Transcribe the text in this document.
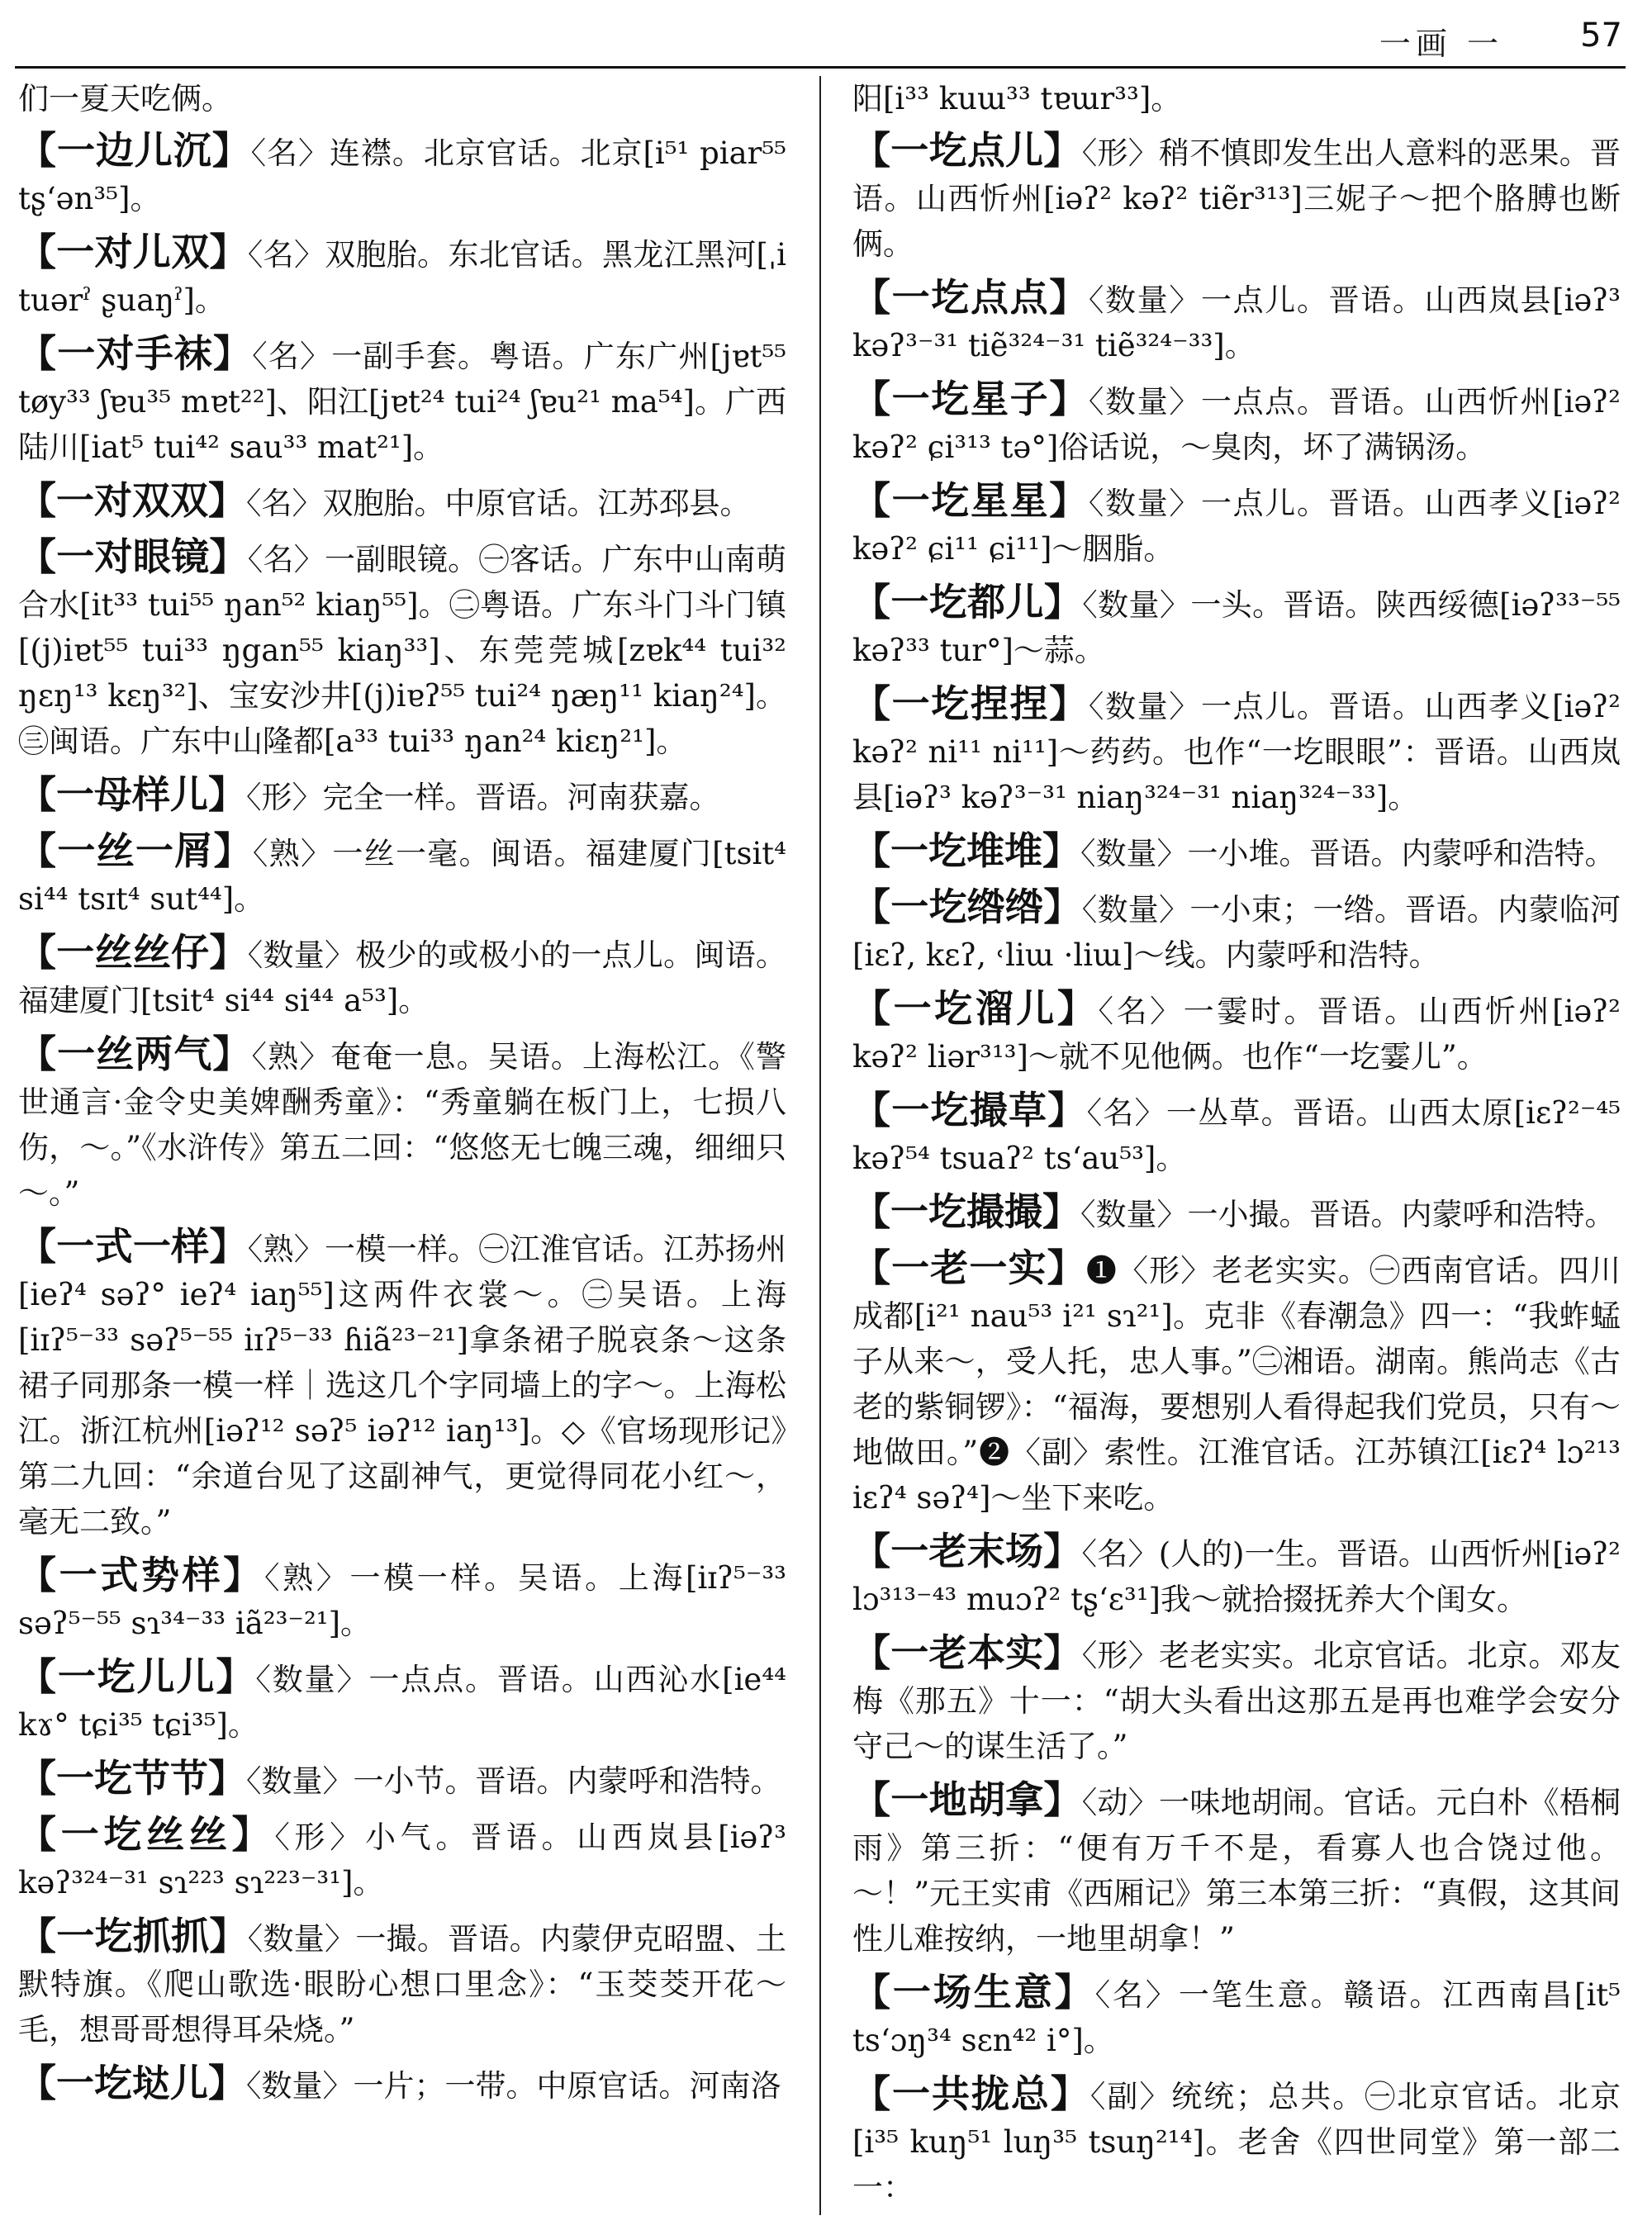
一画 一 57

们一夏天吃俩。

【一边儿沉】〈名〉连襟。北京官话。北京[i⁵¹ piar⁵⁵ tʂ‘ən³⁵]。

【一对儿双】〈名〉双胞胎。东北官话。黑龙江黑河[ˌi tuərˀ ʂuaŋˀ]。

【一对手袜】〈名〉一副手套。粤语。广东广州[jɐt⁵⁵ tøy³³ ʃɐu³⁵ mɐt²²]、阳江[jɐt²⁴ tui²⁴ ʃɐu²¹ ma⁵⁴]。广西陆川[iat⁵ tui⁴² sau³³ mat²¹]。

【一对双双】〈名〉双胞胎。中原官话。江苏邳县。

【一对眼镜】〈名〉一副眼镜。㊀客话。广东中山南萌合水[it³³ tui⁵⁵ ŋan⁵² kiaŋ⁵⁵]。㊁粤语。广东斗门斗门镇[(j)iɐt⁵⁵ tui³³ ŋgan⁵⁵ kiaŋ³³]、东莞莞城[zɐk⁴⁴ tui³² ŋɛŋ¹³ kɛŋ³²]、宝安沙井[(j)iɐʔ⁵⁵ tui²⁴ ŋæŋ¹¹ kiaŋ²⁴]。㊂闽语。广东中山隆都[a³³ tui³³ ŋan²⁴ kiɛŋ²¹]。

【一母样儿】〈形〉完全一样。晋语。河南获嘉。

【一丝一屑】〈熟〉一丝一毫。闽语。福建厦门[tsit⁴ si⁴⁴ tsɪt⁴ sut⁴⁴]。

【一丝丝仔】〈数量〉极少的或极小的一点儿。闽语。福建厦门[tsit⁴ si⁴⁴ si⁴⁴ a⁵³]。

【一丝两气】〈熟〉奄奄一息。吴语。上海松江。《警世通言·金令史美婢酬秀童》：“秀童躺在板门上，七损八伤，～。”《水浒传》第五二回：“悠悠无七魄三魂，细细只～。”

【一式一样】〈熟〉一模一样。㊀江淮官话。江苏扬州[ieʔ⁴ səʔ° ieʔ⁴ iaŋ⁵⁵]这两件衣裳～。㊁吴语。上海[iɪʔ⁵⁻³³ səʔ⁵⁻⁵⁵ iɪʔ⁵⁻³³ ɦiã²³⁻²¹]拿条裙子脱哀条～这条裙子同那条一模一样｜选这几个字同墙上的字～。上海松江。浙江杭州[iəʔ¹² səʔ⁵ iəʔ¹² iaŋ¹³]。◇《官场现形记》第二九回：“余道台见了这副神气，更觉得同花小红～，毫无二致。”

【一式势样】〈熟〉一模一样。吴语。上海[iɪʔ⁵⁻³³ səʔ⁵⁻⁵⁵ sɿ³⁴⁻³³ iã²³⁻²¹]。

【一圪儿儿】〈数量〉一点点。晋语。山西沁水[ie⁴⁴ kɤ° tɕi³⁵ tɕi³⁵]。

【一圪节节】〈数量〉一小节。晋语。内蒙呼和浩特。

【一圪丝丝】〈形〉小气。晋语。山西岚县[iəʔ³ kəʔ³²⁴⁻³¹ sɿ²²³ sɿ²²³⁻³¹]。

【一圪抓抓】〈数量〉一撮。晋语。内蒙伊克昭盟、土默特旗。《爬山歌选·眼盼心想口里念》：“玉茭茭开花～毛，想哥哥想得耳朵烧。”

【一圪垯儿】〈数量〉一片；一带。中原官话。河南洛

阳[i³³ kuɯ³³ tɐɯr³³]。

【一圪点儿】〈形〉稍不慎即发生出人意料的恶果。晋语。山西忻州[iəʔ² kəʔ² tiẽr³¹³]三妮子～把个胳膊也断俩。

【一圪点点】〈数量〉一点儿。晋语。山西岚县[iəʔ³ kəʔ³⁻³¹ tiẽ³²⁴⁻³¹ tiẽ³²⁴⁻³³]。

【一圪星子】〈数量〉一点点。晋语。山西忻州[iəʔ² kəʔ² ɕi³¹³ tə°]俗话说，～臭肉，坏了满锅汤。

【一圪星星】〈数量〉一点儿。晋语。山西孝义[iəʔ² kəʔ² ɕi¹¹ ɕi¹¹]～胭脂。

【一圪都儿】〈数量〉一头。晋语。陕西绥德[iəʔ³³⁻⁵⁵ kəʔ³³ tur°]～蒜。

【一圪捏捏】〈数量〉一点儿。晋语。山西孝义[iəʔ² kəʔ² ni¹¹ ni¹¹]～药药。也作“一圪眼眼”：晋语。山西岚县[iəʔ³ kəʔ³⁻³¹ niaŋ³²⁴⁻³¹ niaŋ³²⁴⁻³³]。

【一圪堆堆】〈数量〉一小堆。晋语。内蒙呼和浩特。

【一圪绺绺】〈数量〉一小束；一绺。晋语。内蒙临河[iɛʔ, kɛʔ, ˓liɯ ·liɯ]～线。内蒙呼和浩特。

【一圪溜儿】〈名〉一霎时。晋语。山西忻州[iəʔ² kəʔ² liər³¹³]～就不见他俩。也作“一圪霎儿”。

【一圪撮草】〈名〉一丛草。晋语。山西太原[iɛʔ²⁻⁴⁵ kəʔ⁵⁴ tsuaʔ² ts‘au⁵³]。

【一圪撮撮】〈数量〉一小撮。晋语。内蒙呼和浩特。

【一老一实】❶〈形〉老老实实。㊀西南官话。四川成都[i²¹ nau⁵³ i²¹ sɿ²¹]。克非《春潮急》四一：“我蚱蜢子从来～，受人托，忠人事。”㊁湘语。湖南。熊尚志《古老的紫铜锣》：“福海，要想别人看得起我们党员，只有～地做田。”❷〈副〉索性。江淮官话。江苏镇江[iɛʔ⁴ lɔ²¹³ iɛʔ⁴ səʔ⁴]～坐下来吃。

【一老末场】〈名〉(人的)一生。晋语。山西忻州[iəʔ² lɔ³¹³⁻⁴³ muɔʔ² tʂ‘ɛ³¹]我～就拾掇抚养大个闺女。

【一老本实】〈形〉老老实实。北京官话。北京。邓友梅《那五》十一：“胡大头看出这那五是再也难学会安分守己～的谋生活了。”

【一地胡拿】〈动〉一味地胡闹。官话。元白朴《梧桐雨》第三折：“便有万千不是，看寡人也合饶过他。～！”元王实甫《西厢记》第三本第三折：“真假，这其间性儿难按纳，一地里胡拿！”

【一场生意】〈名〉一笔生意。赣语。江西南昌[it⁵ ts‘ɔŋ³⁴ sɛn⁴² i°]。

【一共拢总】〈副〉统统；总共。㊀北京官话。北京[i³⁵ kuŋ⁵¹ luŋ³⁵ tsuŋ²¹⁴]。老舍《四世同堂》第一部二一：
